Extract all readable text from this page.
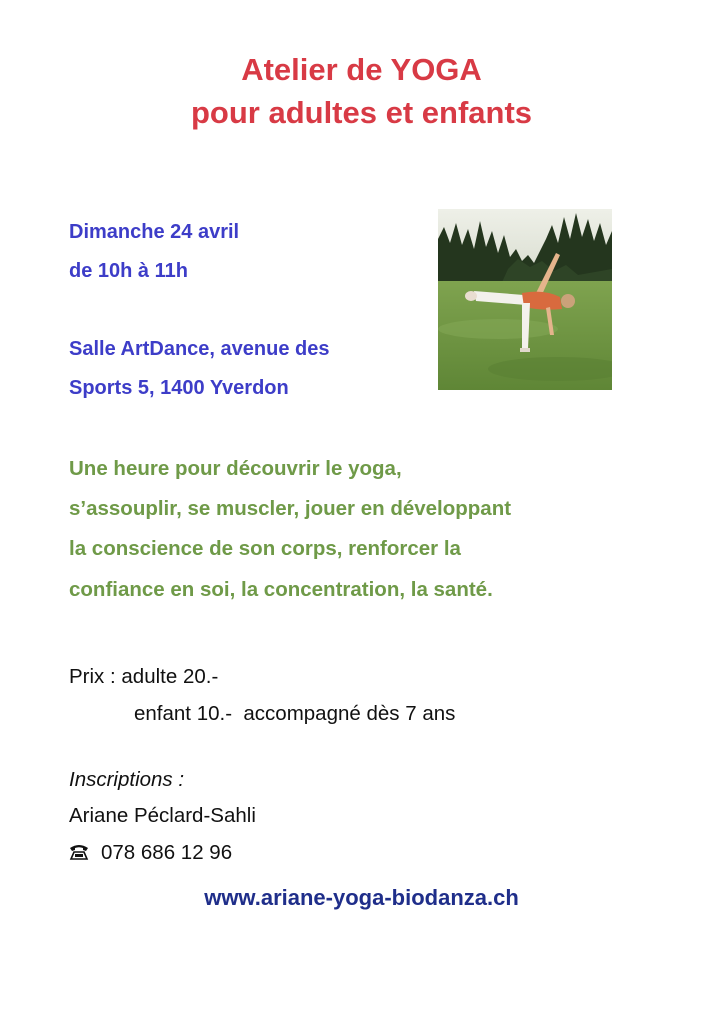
Atelier de YOGA
pour adultes et enfants
Dimanche 24 avril
de 10h à 11h
Salle ArtDance, avenue des
Sports 5, 1400 Yverdon
Une heure pour découvrir le yoga,
s’assouplir, se muscler, jouer en développant
la conscience de son corps, renforcer la
confiance en soi, la concentration, la santé.
Prix : adulte 20.-
enfant 10.-  accompagné dès 7 ans
Inscriptions :
Ariane Péclard-Sahli
078 686 12 96
www.ariane-yoga-biodanza.ch
